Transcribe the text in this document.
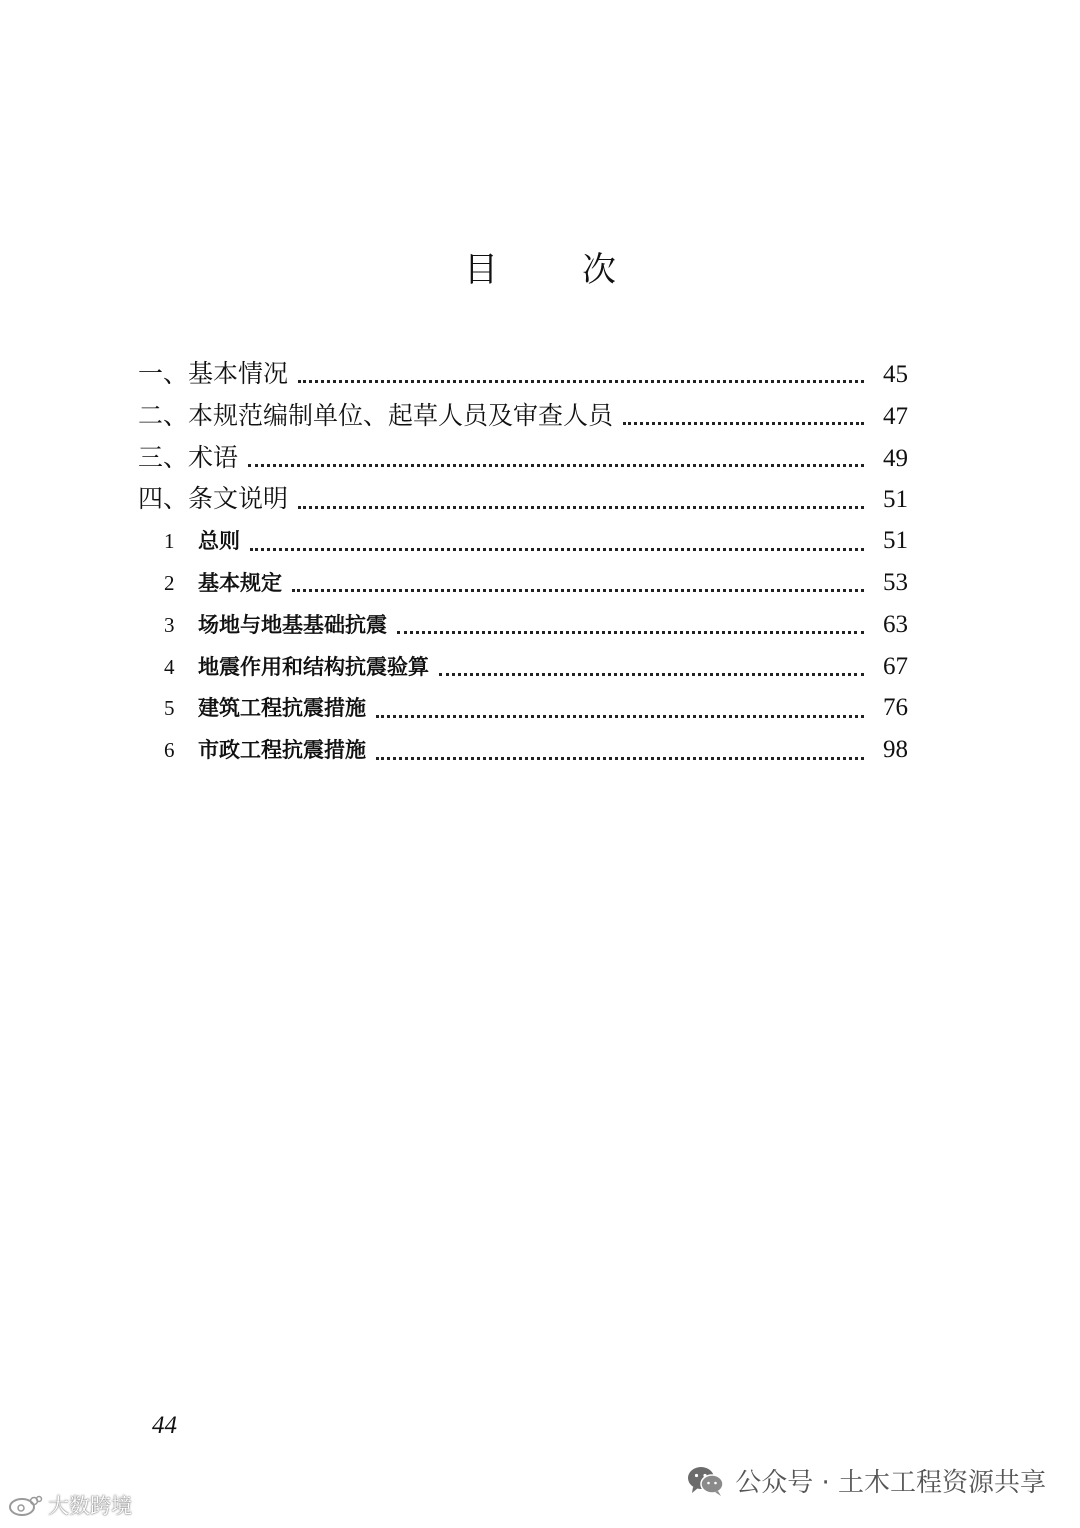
目 次
一、基本情况	45
二、本规范编制单位、起草人员及审查人员	47
三、术语	49
四、条文说明	51
1	总则	51
2	基本规定	53
3	场地与地基基础抗震	63
4	地震作用和结构抗震验算	67
5	建筑工程抗震措施	76
6	市政工程抗震措施	98
44
公众号 · 土木工程资源共享
大数跨境
